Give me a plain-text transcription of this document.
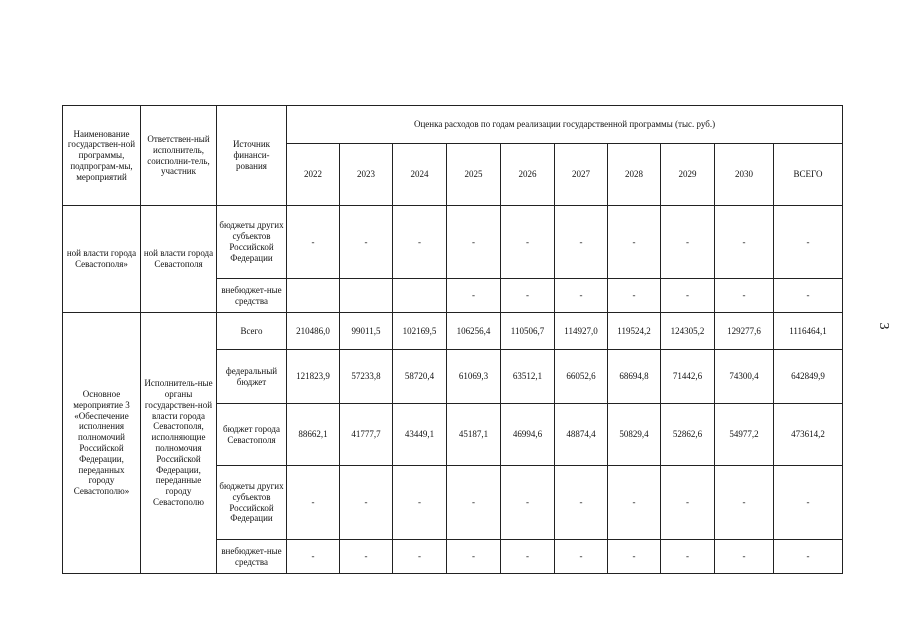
3
Наименование государствен-ной программы, подпрограм-мы, мероприятий	Ответствен-ный исполнитель, соисполни-тель, участник	Источник финанси-рования	Оценка расходов по годам реализации государственной программы (тыс. руб.)									
			2022	2023	2024	2025	2026	2027	2028	2029	2030	ВСЕГО
ной власти города Севастополя»	ной власти города Севастополя	бюджеты других субъектов Российской Федерации	-	-	-	-	-	-	-	-	-	-
		внебюджет-ные средства				-	-	-	-	-	-	-
Основное мероприятие 3 «Обеспечение исполнения полномочий Российской Федерации, переданных городу Севастополю»	Исполнитель-ные органы государствен-ной власти города Севастополя, исполняющие полномочия Российской Федерации, переданные городу Севастополю	Всего	210486,0	99011,5	102169,5	106256,4	110506,7	114927,0	119524,2	124305,2	129277,6	1116464,1
		федеральный бюджет	121823,9	57233,8	58720,4	61069,3	63512,1	66052,6	68694,8	71442,6	74300,4	642849,9
		бюджет города Севастополя	88662,1	41777,7	43449,1	45187,1	46994,6	48874,4	50829,4	52862,6	54977,2	473614,2
		бюджеты других субъектов Российской Федерации	-	-	-	-	-	-	-	-	-	-
		внебюджет-ные средства	-	-	-	-	-	-	-	-	-	-
